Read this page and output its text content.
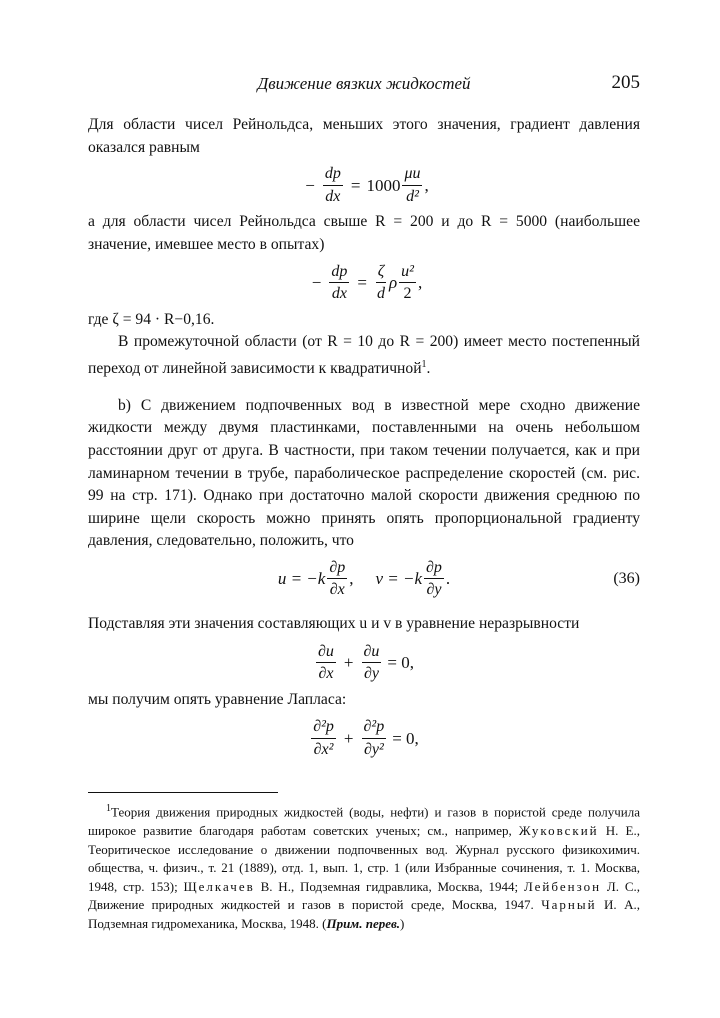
Движение вязких жидкостей	205

Для области чисел Рейнольдса, меньших этого значения, градиент давления оказался равным

− $\frac{dp}{dx} = 1000 \frac{\mu u}{\text{d²}}$ ,

а для области чисел Рейнольдса свыше R = 200 и до R = 5000 (наибольшее значение, имевшее место в опытах)

− $\frac{dp}{dx} = \frac{\zeta}{d}$ ρ $\frac{\text{u²}}{2}$ ,

где ζ = 94 · R−0,16.

В промежуточной области (от R = 10 до R = 200) имеет место постепенный переход от линейной зависимости к квадратичной$^1$.

b) С движением подпочвенных вод в известной мере сходно движение жидкости между двумя пластинками, поставленными на очень небольшом расстоянии друг от друга. В частности, при таком течении получается, как и при ламинарном течении в трубе, параболическое распределение скоростей (см. рис. 99 на стр. 171). Однако при достаточно малой скорости движения среднюю по ширине щели скорость можно принять опять пропорциональной градиенту давления, следовательно, положить, что

$u = -k \frac{\partial p}{\partial x}$ , $v = -k \frac{\partial p}{\partial y}$ .	(36)

Подставляя эти значения составляющих u и v в уравнение неразрывности

$\frac{\partial u}{\partial x} + \frac{\partial u}{\partial y} = 0$,

мы получим опять уравнение Лапласа:

$\frac{\text{∂²p}}{\text{∂x²}} + \frac{\text{∂²p}}{\text{∂y²}} = 0$,

$^1$Теория движения природных жидкостей (воды, нефти) и газов в пористой среде получила широкое развитие благодаря работам советских ученых; см., например, Жуковский Н. Е., Теоритическое исследование о движении подпочвенных вод. Журнал русского физикохимич. общества, ч. физич., т. 21 (1889), отд. 1, вып. 1, стр. 1 (или Избранные сочинения, т. 1. Москва, 1948, стр. 153); Щелкачев В. Н., Подземная гидравлика, Москва, 1944; Лейбензон Л. С., Движение природных жидкостей и газов в пористой среде, Москва, 1947. Чарный И. А., Подземная гидромеханика, Москва, 1948. (Прим. перев.)
